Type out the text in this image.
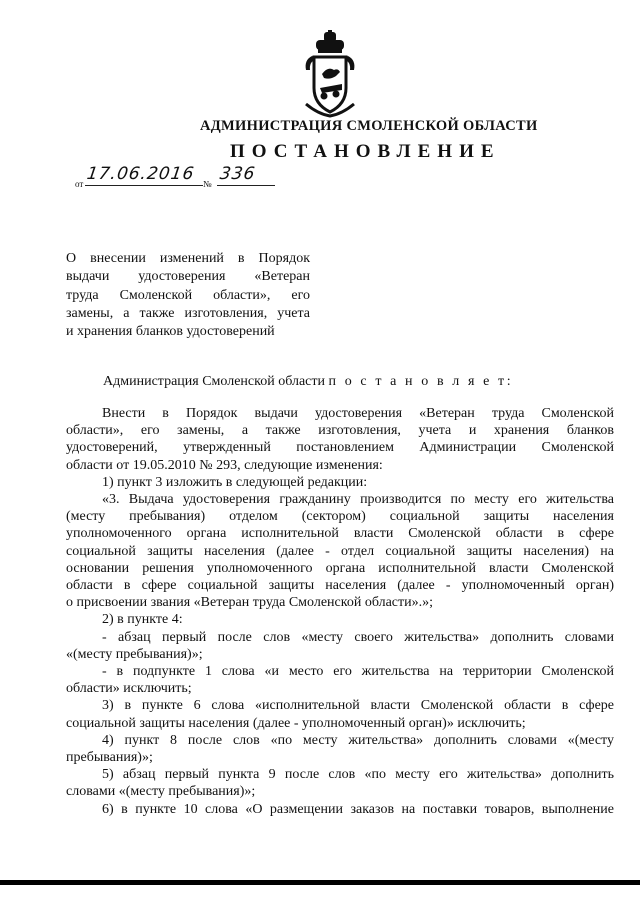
АДМИНИСТРАЦИЯ СМОЛЕНСКОЙ ОБЛАСТИ
ПОСТАНОВЛЕНИЕ
от 17.06.2016 № 336
О внесении изменений в Порядок
выдачи удостоверения «Ветеран
труда Смоленской области», его
замены, а также изготовления, учета
и хранения бланков удостоверений
Администрация Смоленской области п о с т а н о в л я е т:
Внести в Порядок выдачи удостоверения «Ветеран труда Смоленской
области», его замены, а также изготовления, учета и хранения бланков
удостоверений, утвержденный постановлением Администрации Смоленской
области от 19.05.2010 № 293, следующие изменения:
1) пункт 3 изложить в следующей редакции:
«3. Выдача удостоверения гражданину производится по месту его жительства
(месту пребывания) отделом (сектором) социальной защиты населения
уполномоченного органа исполнительной власти Смоленской области в сфере
социальной защиты населения (далее - отдел социальной защиты населения) на
основании решения уполномоченного органа исполнительной власти Смоленской
области в сфере социальной защиты населения (далее - уполномоченный орган)
о присвоении звания «Ветеран труда Смоленской области».»;
2) в пункте 4:
- абзац первый после слов «месту своего жительства» дополнить словами
«(месту пребывания)»;
- в подпункте 1 слова «и место его жительства на территории Смоленской
области» исключить;
3) в пункте 6 слова «исполнительной власти Смоленской области в сфере
социальной защиты населения (далее - уполномоченный орган)» исключить;
4) пункт 8 после слов «по месту жительства» дополнить словами «(месту
пребывания)»;
5) абзац первый пункта 9 после слов «по месту его жительства» дополнить
словами «(месту пребывания)»;
6) в пункте 10 слова «О размещении заказов на поставки товаров, выполнение
